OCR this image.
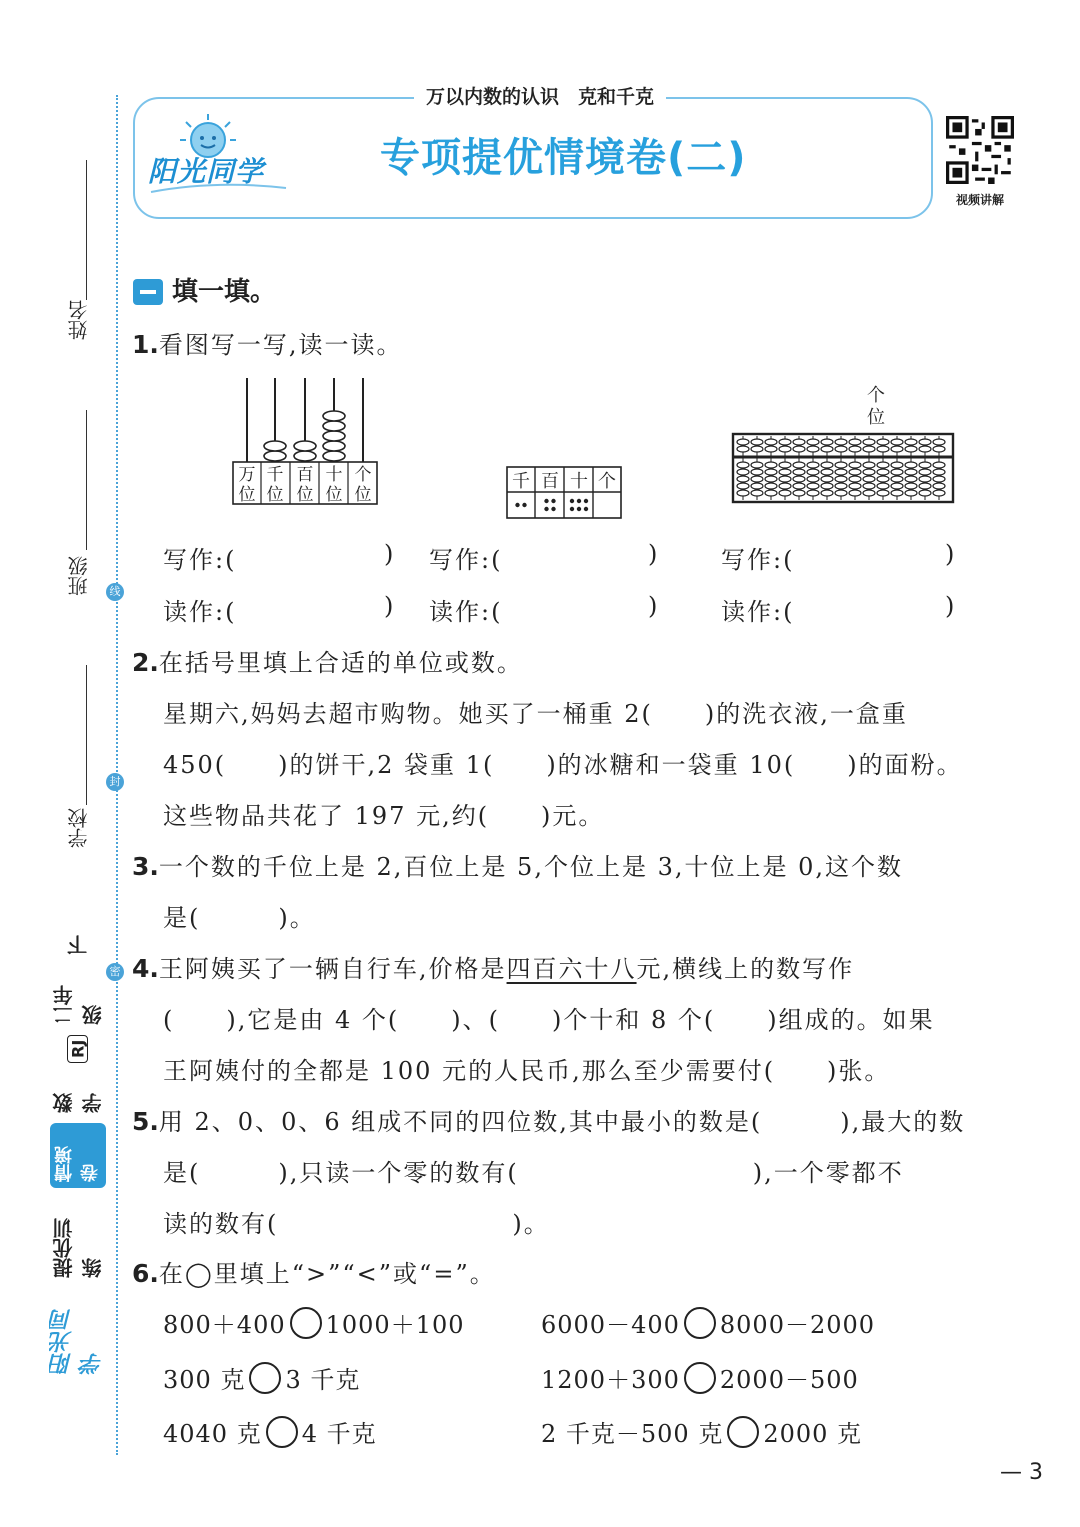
线
封
密
姓名
班级
学校
阳光同学
提优训练
情境卷
数学
RJ
二年级
下
万以内数的认识　克和千克
阳光同学	专项提优情境卷(二)
视频讲解
填一填。
1.看图写一写,读一读。
万
位
千
位
百
位
十
位
个
位
千 百 十 个
个位
写作:(	) 写作:(	)	写作:(	)
读作:(	) 读作:(	)	读作:(	)
2.在括号里填上合适的单位或数。
星期六,妈妈去超市购物。她买了一桶重 2(　　)的洗衣液,一盒重
450(　　)的饼干,2 袋重 1(　　)的冰糖和一袋重 10(　　)的面粉。
这些物品共花了 197 元,约(　　)元。
3.一个数的千位上是 2,百位上是 5,个位上是 3,十位上是 0,这个数
是(　　　)。
4.王阿姨买了一辆自行车,价格是四百六十八元,横线上的数写作
(　　),它是由 4 个(　　)、(　　)个十和 8 个(　　)组成的。如果
王阿姨付的全都是 100 元的人民币,那么至少需要付(　　)张。
5.用 2、0、0、6 组成不同的四位数,其中最小的数是(　　　),最大的数
是(　　　),只读一个零的数有(　　　　　　　　　),一个零都不
读的数有(　　　　　　　　　)。
6.在◯里填上“>”“<”或“=”。
800＋400 1000＋100	6000－400 8000－2000
300 克 3 千克	1200＋300 2000－500
4040 克 4 千克	2 千克－500 克 2000 克
— 3
